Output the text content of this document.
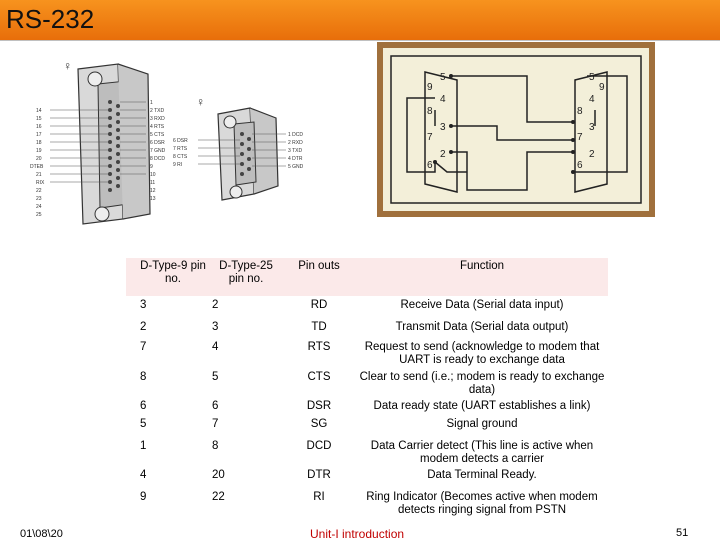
RS-232
14
15
16
17
18
19
20
DTEB
21
RIX
22
23
24
25
1
2 TXD
3 RXD
4 RTS
5 CTS
6 DSR
7 GND
8 DCD
9
10
11
12
13
♀
1 DCD
2 RXD
3 TXD
4 DTR
5 GND
6 DSR
7 RTS
8 CTS
9 RI
♀
5
9
4
8
3
7
2
6
5
9
4
8
3
7
2
6
D-Type-9 pin no.	D-Type-25 pin no.	Pin outs	Function
3	2	RD	Receive Data (Serial data input)
2	3	TD	Transmit Data (Serial data output)
7	4	RTS	Request to send (acknowledge to modem that UART is ready to exchange data
8	5	CTS	Clear to send (i.e.; modem is ready to exchange data)
6	6	DSR	Data ready state (UART establishes a link)
5	7	SG	Signal ground
1	8	DCD	Data Carrier detect (This line is active when modem detects a carrier
4	20	DTR	Data Terminal Ready.
9	22	RI	Ring Indicator (Becomes active when modem detects ringing signal from PSTN
01\08\20	Unit-I introduction	51
